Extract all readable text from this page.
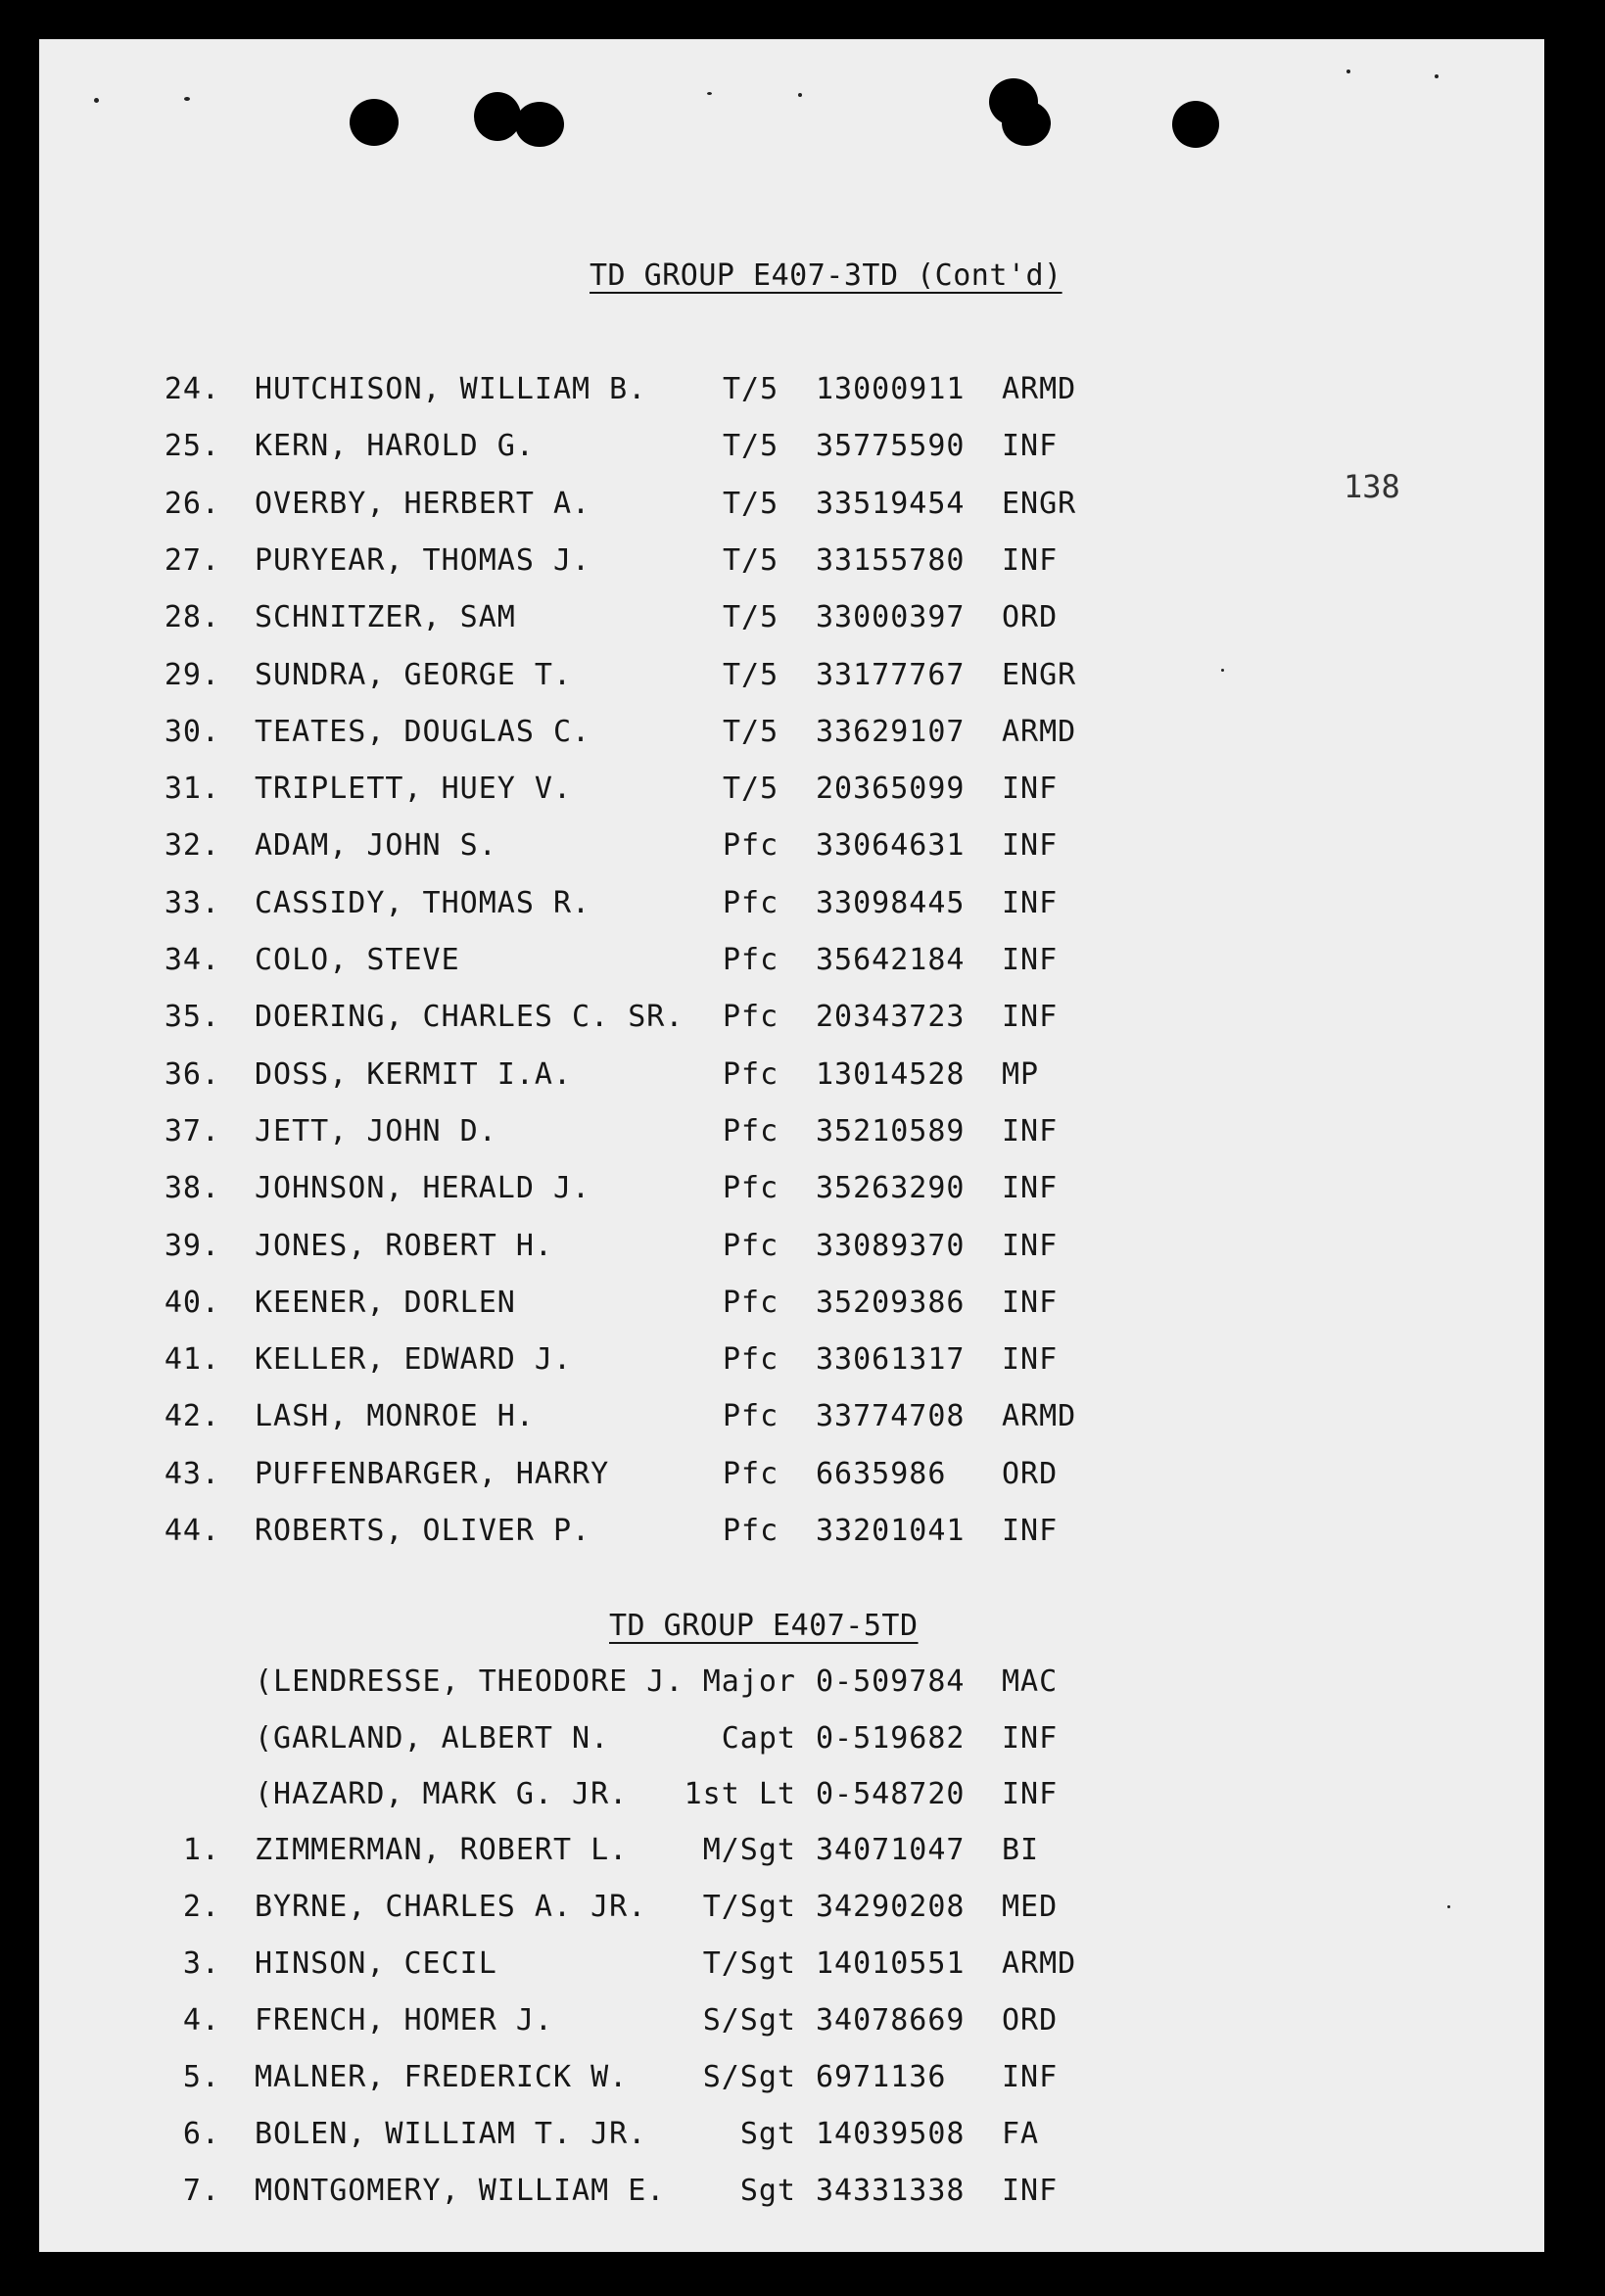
138
TD GROUP E407-3TD (Cont'd)
24. HUTCHISON, WILLIAM B.	T/5 13000911 ARMD
25. KERN, HAROLD G.	T/5 35775590 INF
26. OVERBY, HERBERT A.	T/5 33519454 ENGR
27. PURYEAR, THOMAS J.	T/5 33155780 INF
28. SCHNITZER, SAM	T/5 33000397 ORD
29. SUNDRA, GEORGE T.	T/5 33177767 ENGR
30. TEATES, DOUGLAS C.	T/5 33629107 ARMD
31. TRIPLETT, HUEY V.	T/5 20365099 INF
32. ADAM, JOHN S.	Pfc 33064631 INF
33. CASSIDY, THOMAS R.	Pfc 33098445 INF
34. COLO, STEVE	Pfc 35642184 INF
35. DOERING, CHARLES C. SR. Pfc 20343723 INF
36. DOSS, KERMIT I.A.	Pfc 13014528 MP
37. JETT, JOHN D.	Pfc 35210589 INF
38. JOHNSON, HERALD J.	Pfc 35263290 INF
39. JONES, ROBERT H.	Pfc 33089370 INF
40. KEENER, DORLEN	Pfc 35209386 INF
41. KELLER, EDWARD J.	Pfc 33061317 INF
42. LASH, MONROE H.	Pfc 33774708 ARMD
43. PUFFENBARGER, HARRY	Pfc 6635986 ORD
44. ROBERTS, OLIVER P.	Pfc 33201041 INF
TD GROUP E407-5TD
(LENDRESSE, THEODORE J. Major 0-509784 MAC
(GARLAND, ALBERT N.	Capt 0-519682 INF
(HAZARD, MARK G. JR. 1st Lt 0-548720 INF
1. ZIMMERMAN, ROBERT L.	M/Sgt 34071047 BI
2. BYRNE, CHARLES A. JR. T/Sgt 34290208 MED
3. HINSON, CECIL	T/Sgt 14010551 ARMD
4. FRENCH, HOMER J.	S/Sgt 34078669 ORD
5. MALNER, FREDERICK W.	S/Sgt 6971136 INF
6. BOLEN, WILLIAM T. JR.	Sgt 14039508 FA
7. MONTGOMERY, WILLIAM E.	Sgt 34331338 INF
